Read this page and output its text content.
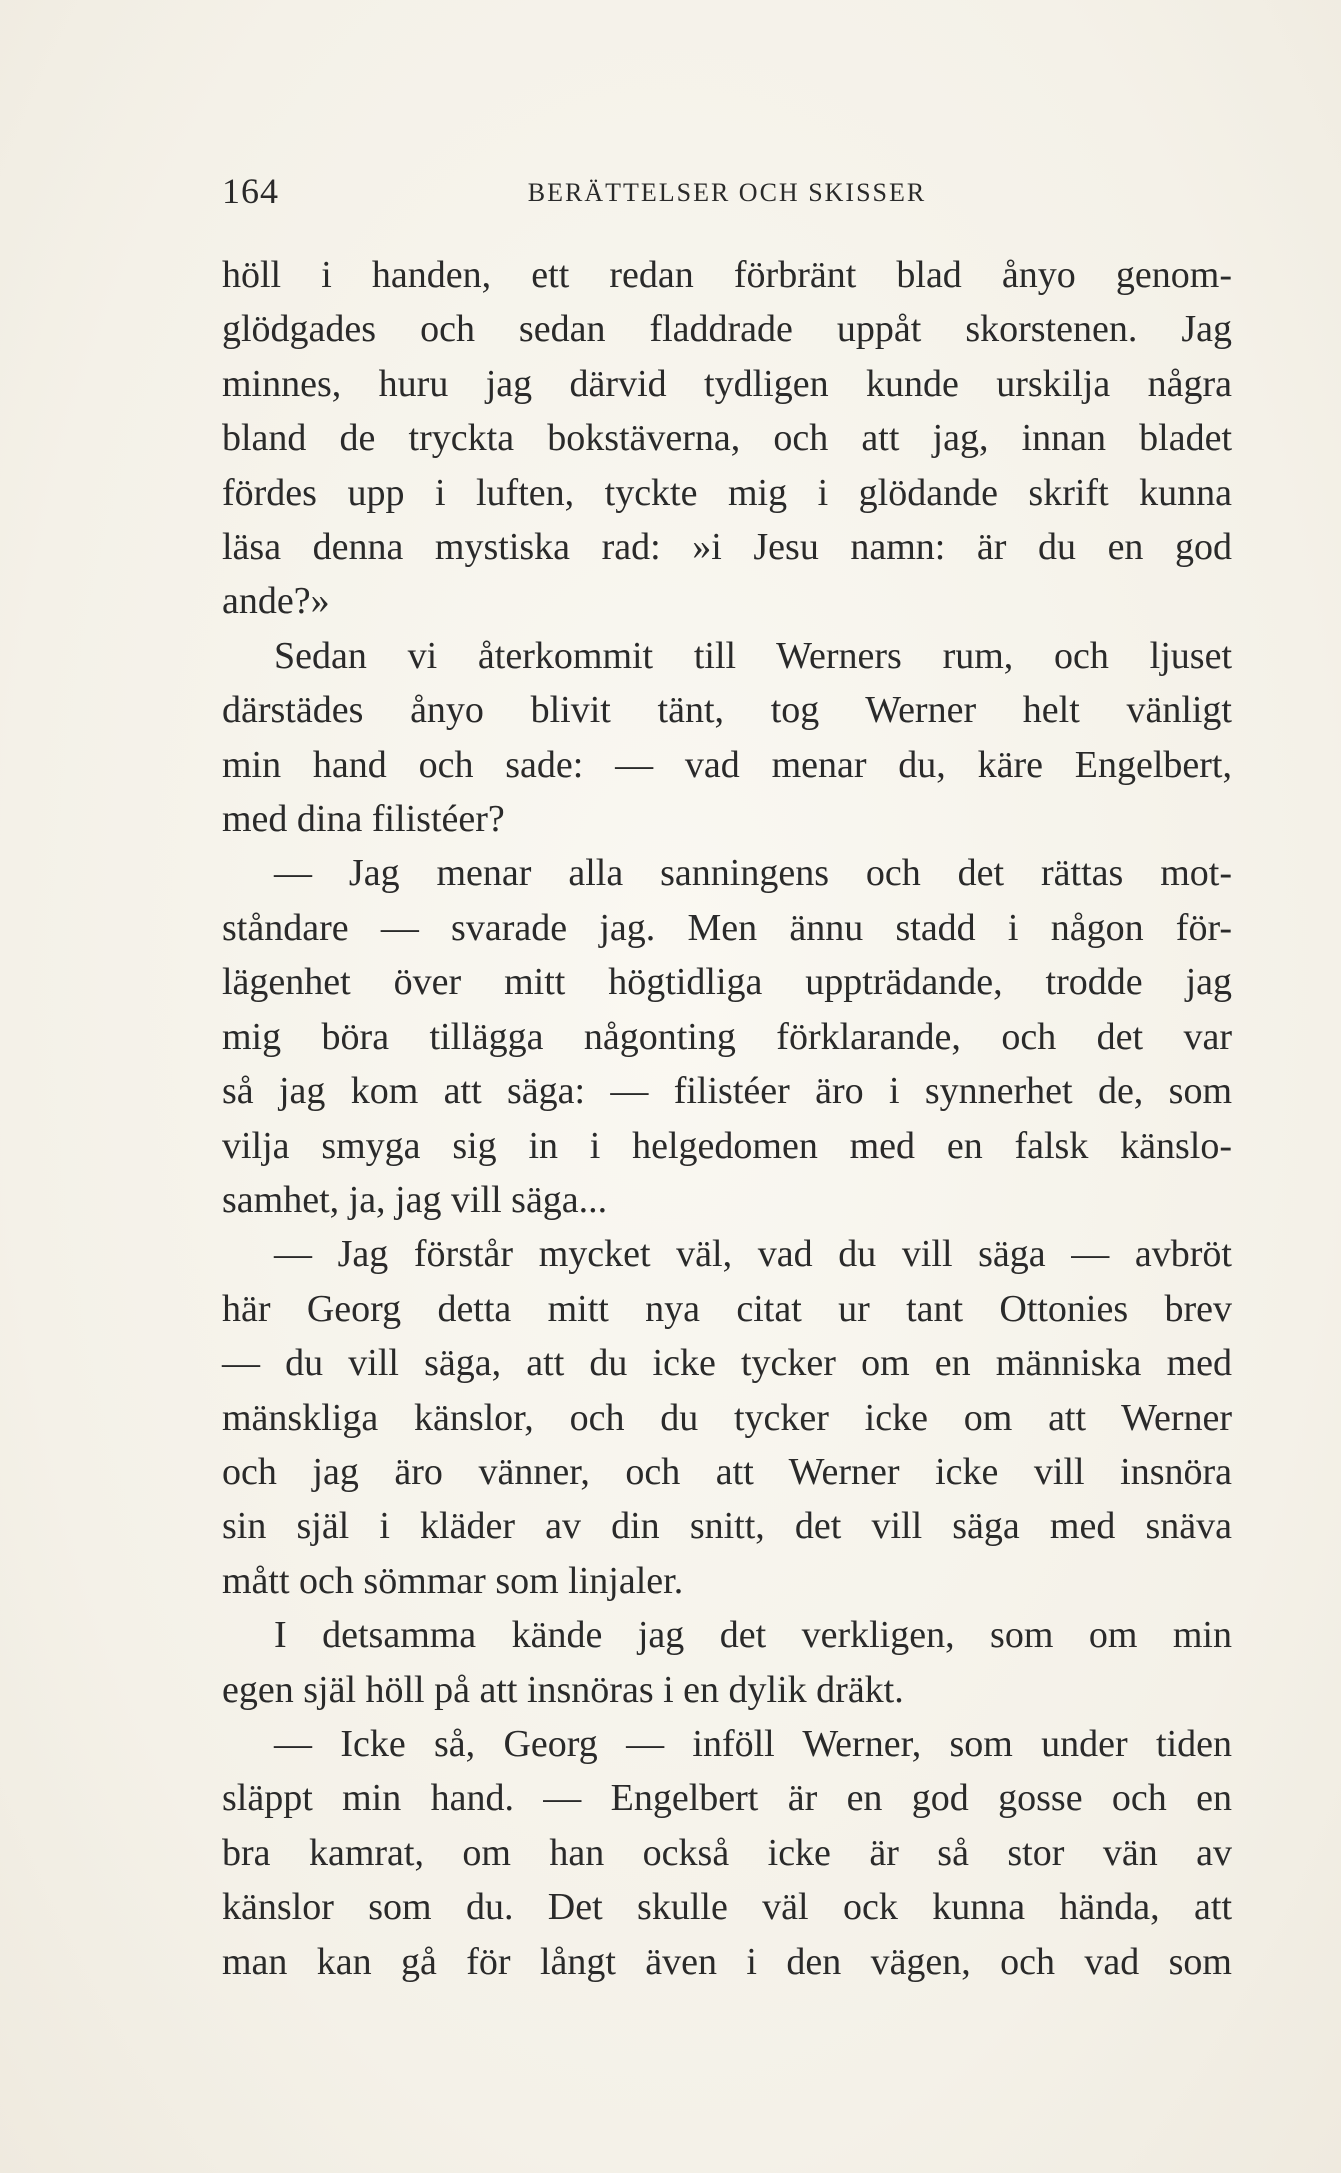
164	BERÄTTELSER OCH SKISSER
höll i handen, ett redan förbränt blad ånyo genom-
glödgades och sedan fladdrade uppåt skorstenen. Jag
minnes, huru jag därvid tydligen kunde urskilja några
bland de tryckta bokstäverna, och att jag, innan bladet
fördes upp i luften, tyckte mig i glödande skrift kunna
läsa denna mystiska rad: »i Jesu namn: är du en god
ande?»
Sedan vi återkommit till Werners rum, och ljuset
därstädes ånyo blivit tänt, tog Werner helt vänligt
min hand och sade: — vad menar du, käre Engelbert,
med dina filistéer?
— Jag menar alla sanningens och det rättas mot-
ståndare — svarade jag. Men ännu stadd i någon för-
lägenhet över mitt högtidliga uppträdande, trodde jag
mig böra tillägga någonting förklarande, och det var
så jag kom att säga: — filistéer äro i synnerhet de, som
vilja smyga sig in i helgedomen med en falsk känslo-
samhet, ja, jag vill säga...
— Jag förstår mycket väl, vad du vill säga — avbröt
här Georg detta mitt nya citat ur tant Ottonies brev
— du vill säga, att du icke tycker om en människa med
mänskliga känslor, och du tycker icke om att Werner
och jag äro vänner, och att Werner icke vill insnöra
sin själ i kläder av din snitt, det vill säga med snäva
mått och sömmar som linjaler.
I detsamma kände jag det verkligen, som om min
egen själ höll på att insnöras i en dylik dräkt.
— Icke så, Georg — inföll Werner, som under tiden
släppt min hand. — Engelbert är en god gosse och en
bra kamrat, om han också icke är så stor vän av
känslor som du. Det skulle väl ock kunna hända, att
man kan gå för långt även i den vägen, och vad som
